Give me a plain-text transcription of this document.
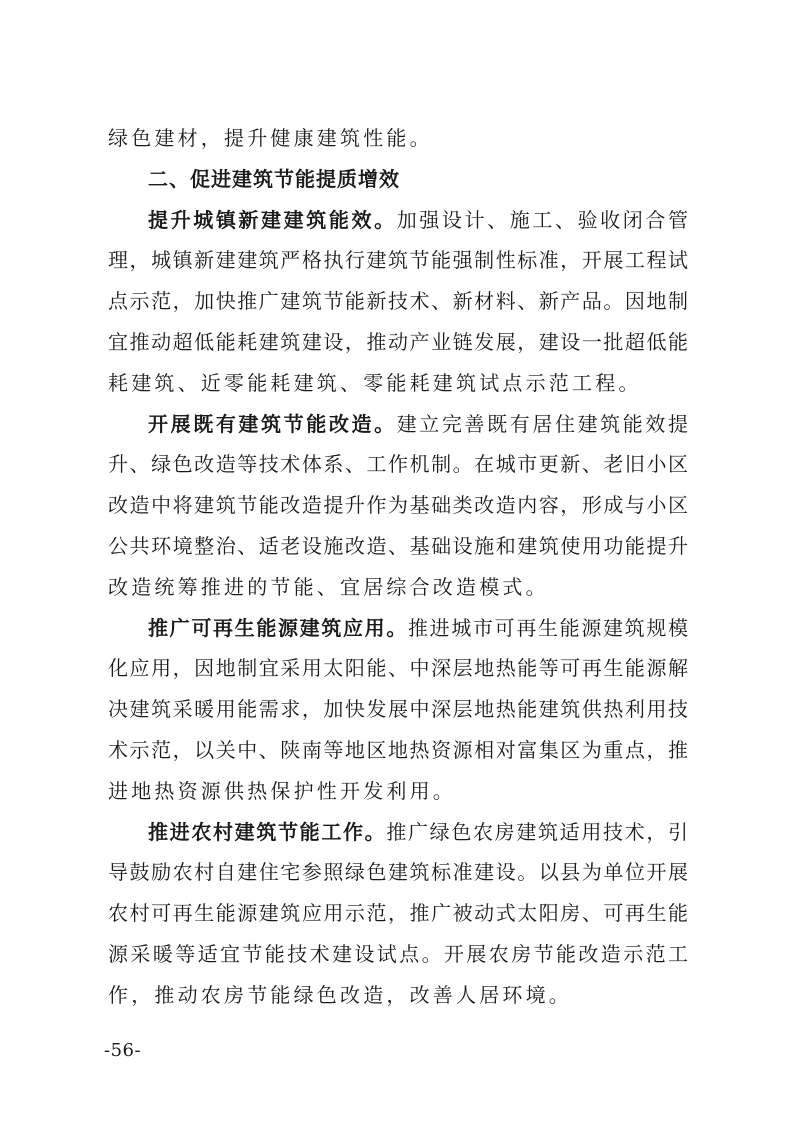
绿色建材，提升健康建筑性能。
二、促进建筑节能提质增效
提升城镇新建建筑能效。加强设计、施工、验收闭合管
理，城镇新建建筑严格执行建筑节能强制性标准，开展工程试
点示范，加快推广建筑节能新技术、新材料、新产品。因地制
宜推动超低能耗建筑建设，推动产业链发展，建设一批超低能
耗建筑、近零能耗建筑、零能耗建筑试点示范工程。
开展既有建筑节能改造。建立完善既有居住建筑能效提
升、绿色改造等技术体系、工作机制。在城市更新、老旧小区
改造中将建筑节能改造提升作为基础类改造内容，形成与小区
公共环境整治、适老设施改造、基础设施和建筑使用功能提升
改造统筹推进的节能、宜居综合改造模式。
推广可再生能源建筑应用。推进城市可再生能源建筑规模
化应用，因地制宜采用太阳能、中深层地热能等可再生能源解
决建筑采暖用能需求，加快发展中深层地热能建筑供热利用技
术示范，以关中、陕南等地区地热资源相对富集区为重点，推
进地热资源供热保护性开发利用。
推进农村建筑节能工作。推广绿色农房建筑适用技术，引
导鼓励农村自建住宅参照绿色建筑标准建设。以县为单位开展
农村可再生能源建筑应用示范，推广被动式太阳房、可再生能
源采暖等适宜节能技术建设试点。开展农房节能改造示范工
作，推动农房节能绿色改造，改善人居环境。
-56-
